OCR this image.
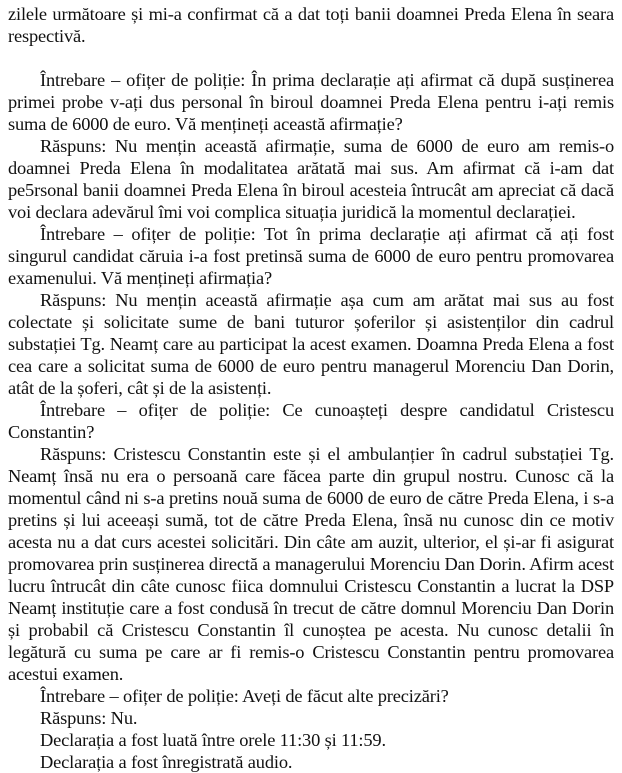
zilele următoare și mi-a confirmat că a dat toți banii doamnei Preda Elena în seara respectivă.

Întrebare – ofițer de poliție: În prima declarație ați afirmat că după susținerea primei probe v-ați dus personal în biroul doamnei Preda Elena pentru i-ați remis suma de 6000 de euro. Vă mențineți această afirmație?

Răspuns: Nu mențin această afirmație, suma de 6000 de euro am remis-o doamnei Preda Elena în modalitatea arătată mai sus. Am afirmat că i-am dat pe5rsonal banii doamnei Preda Elena în biroul acesteia întrucât am apreciat că dacă voi declara adevărul îmi voi complica situația juridică la momentul declarației.

Întrebare – ofițer de poliție: Tot în prima declarație ați afirmat că ați fost singurul candidat căruia i-a fost pretinsă suma de 6000 de euro pentru promovarea examenului. Vă mențineți afirmația?

Răspuns: Nu mențin această afirmație așa cum am arătat mai sus au fost colectate și solicitate sume de bani tuturor șoferilor și asistenților din cadrul substației Tg. Neamț care au participat la acest examen. Doamna Preda Elena a fost cea care a solicitat suma de 6000 de euro pentru managerul Morenciu Dan Dorin, atât de la șoferi, cât și de la asistenți.

Întrebare – ofițer de poliție: Ce cunoașteți despre candidatul Cristescu Constantin?

Răspuns: Cristescu Constantin este și el ambulanțier în cadrul substației Tg. Neamț însă nu era o persoană care făcea parte din grupul nostru. Cunosc că la momentul când ni s-a pretins nouă suma de 6000 de euro de către Preda Elena, i s-a pretins și lui aceeași sumă, tot de către Preda Elena, însă nu cunosc din ce motiv acesta nu a dat curs acestei solicitări. Din câte am auzit, ulterior, el și-ar fi asigurat promovarea prin susținerea directă a managerului Morenciu Dan Dorin. Afirm acest lucru întrucât din câte cunosc fiica domnului Cristescu Constantin a lucrat la DSP Neamț instituție care a fost condusă în trecut de către domnul Morenciu Dan Dorin și probabil că Cristescu Constantin îl cunoștea pe acesta. Nu cunosc detalii în legătură cu suma pe care ar fi remis-o Cristescu Constantin pentru promovarea acestui examen.

Întrebare – ofițer de poliție: Aveți de făcut alte precizări?

Răspuns: Nu.

Declarația a fost luată între orele 11:30 și 11:59.

Declarația a fost înregistrată audio.
